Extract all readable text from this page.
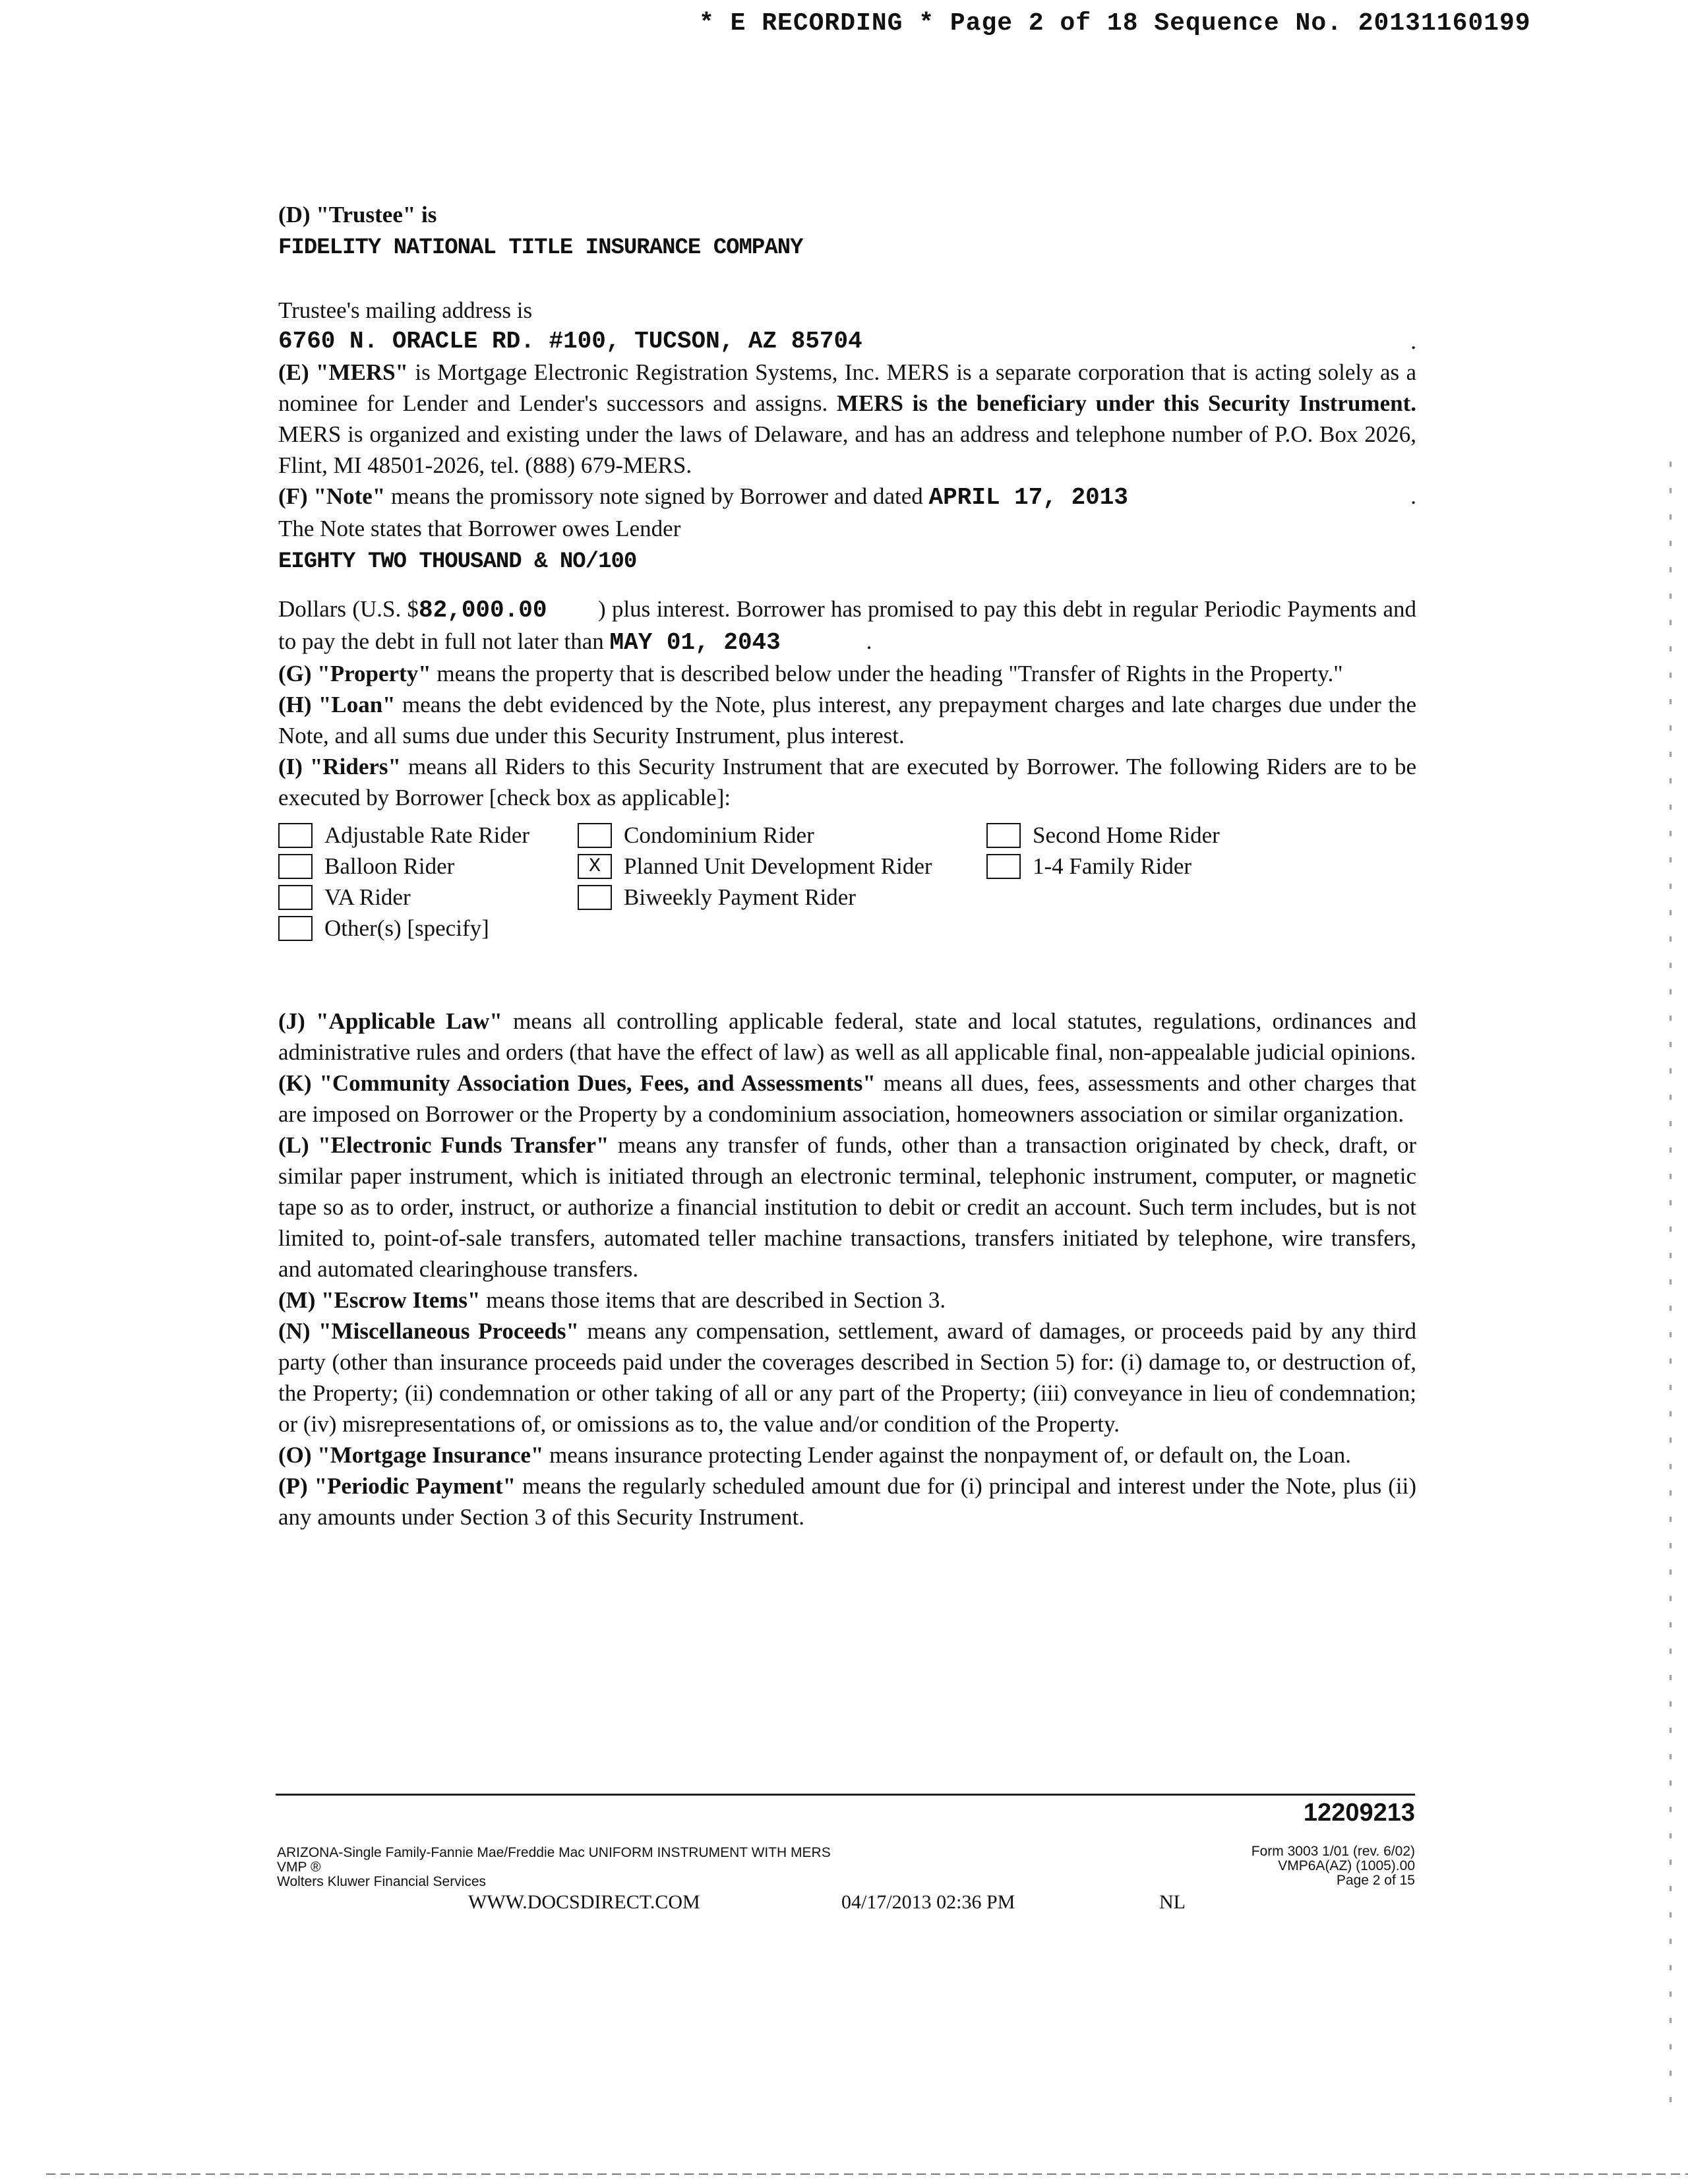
* E RECORDING * Page 2 of 18 Sequence No. 20131160199

(D) "Trustee" is

FIDELITY NATIONAL TITLE INSURANCE COMPANY

Trustee's mailing address is

6760 N. ORACLE RD. #100, TUCSON, AZ 85704	.

(E) "MERS" is Mortgage Electronic Registration Systems, Inc. MERS is a separate corporation that is acting solely as a nominee for Lender and Lender's successors and assigns. MERS is the beneficiary under this Security Instrument. MERS is organized and existing under the laws of Delaware, and has an address and telephone number of P.O. Box 2026, Flint, MI 48501-2026, tel. (888) 679-MERS.

(F) "Note" means the promissory note signed by Borrower and dated APRIL 17, 2013	.

The Note states that Borrower owes Lender

EIGHTY TWO THOUSAND & NO/100

Dollars (U.S. $82,000.00 ) plus interest. Borrower has promised to pay this debt in regular Periodic Payments and to pay the debt in full not later than MAY 01, 2043	.

(G) "Property" means the property that is described below under the heading "Transfer of Rights in the Property."

(H) "Loan" means the debt evidenced by the Note, plus interest, any prepayment charges and late charges due under the Note, and all sums due under this Security Instrument, plus interest.

(I) "Riders" means all Riders to this Security Instrument that are executed by Borrower. The following Riders are to be executed by Borrower [check box as applicable]:

Adjustable Rate Rider	Condominium Rider	Second Home Rider
Balloon Rider	X	Planned Unit Development Rider	1-4 Family Rider
VA Rider	Biweekly Payment Rider
Other(s) [specify]

(J) "Applicable Law" means all controlling applicable federal, state and local statutes, regulations, ordinances and administrative rules and orders (that have the effect of law) as well as all applicable final, non-appealable judicial opinions.

(K) "Community Association Dues, Fees, and Assessments" means all dues, fees, assessments and other charges that are imposed on Borrower or the Property by a condominium association, homeowners association or similar organization.

(L) "Electronic Funds Transfer" means any transfer of funds, other than a transaction originated by check, draft, or similar paper instrument, which is initiated through an electronic terminal, telephonic instrument, computer, or magnetic tape so as to order, instruct, or authorize a financial institution to debit or credit an account. Such term includes, but is not limited to, point-of-sale transfers, automated teller machine transactions, transfers initiated by telephone, wire transfers, and automated clearinghouse transfers.

(M) "Escrow Items" means those items that are described in Section 3.

(N) "Miscellaneous Proceeds" means any compensation, settlement, award of damages, or proceeds paid by any third party (other than insurance proceeds paid under the coverages described in Section 5) for: (i) damage to, or destruction of, the Property; (ii) condemnation or other taking of all or any part of the Property; (iii) conveyance in lieu of condemnation; or (iv) misrepresentations of, or omissions as to, the value and/or condition of the Property.

(O) "Mortgage Insurance" means insurance protecting Lender against the nonpayment of, or default on, the Loan.

(P) "Periodic Payment" means the regularly scheduled amount due for (i) principal and interest under the Note, plus (ii) any amounts under Section 3 of this Security Instrument.

12209213
ARIZONA-Single Family-Fannie Mae/Freddie Mac UNIFORM INSTRUMENT WITH MERS
VMP ®
Wolters Kluwer Financial Services
Form 3003 1/01 (rev. 6/02)
VMP6A(AZ) (1005).00
Page 2 of 15
WWW.DOCSDIRECT.COM	04/17/2013 02:36 PM	NL
